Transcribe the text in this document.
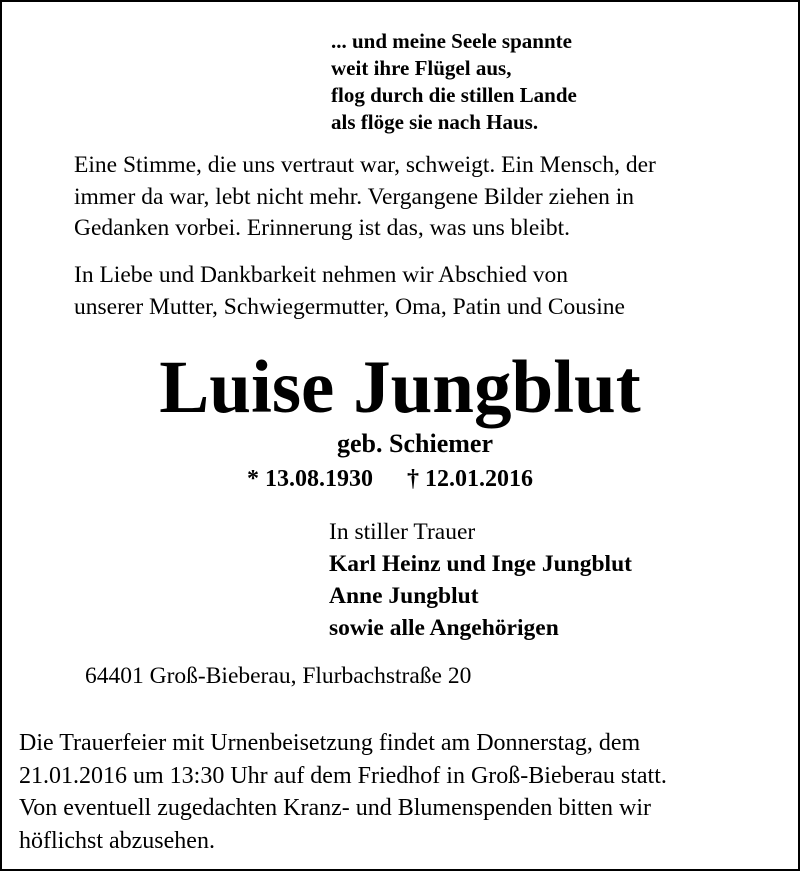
... und meine Seele spannte
weit ihre Flügel aus,
flog durch die stillen Lande
als flöge sie nach Haus.
Eine Stimme, die uns vertraut war, schweigt. Ein Mensch, der
immer da war, lebt nicht mehr. Vergangene Bilder ziehen in
Gedanken vorbei. Erinnerung ist das, was uns bleibt.
In Liebe und Dankbarkeit nehmen wir Abschied von
unserer Mutter, Schwiegermutter, Oma, Patin und Cousine
Luise Jungblut
geb. Schiemer
* 13.08.1930 † 12.01.2016
In stiller Trauer
Karl Heinz und Inge Jungblut
Anne Jungblut
sowie alle Angehörigen
64401 Groß-Bieberau, Flurbachstraße 20
Die Trauerfeier mit Urnenbeisetzung findet am Donnerstag, dem
21.01.2016 um 13:30 Uhr auf dem Friedhof in Groß-Bieberau statt.
Von eventuell zugedachten Kranz- und Blumenspenden bitten wir
höflichst abzusehen.
